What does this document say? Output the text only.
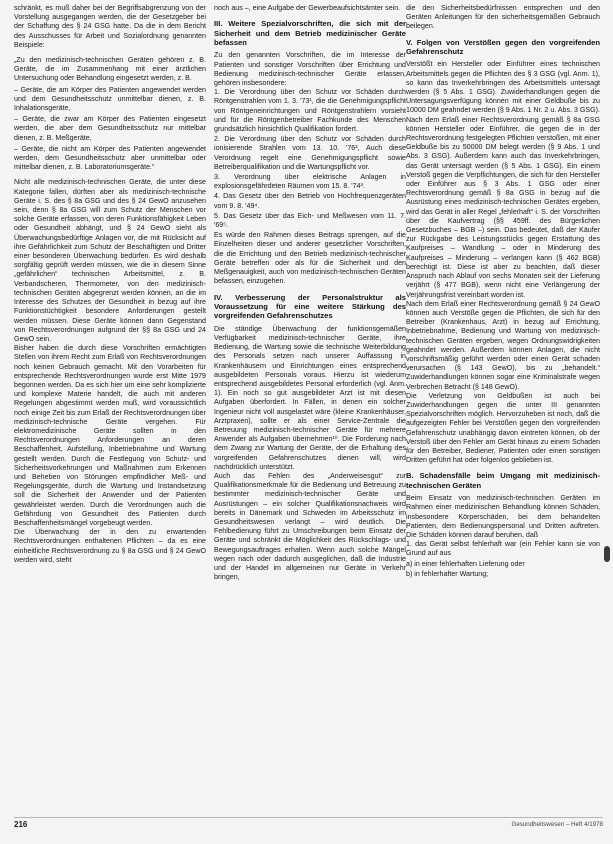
schränkt, es muß daher bei der Begriffsabgrenzung von der Vorstellung ausgegangen werden, die der Gesetzgeber bei der Schaffung des § 24 GSG hatte. Da die in dem Bericht des Ausschusses für Arbeit und Sozialordnung genannten Beispiele:

„Zu den medizinisch-technischen Geräten gehören z. B. Geräte, die im Zusammenhang mit einer ärztlichen Untersuchung oder Behandlung eingesetzt werden, z. B.

– Geräte, die am Körper des Patienten angewendet werden und dem Gesundheitsschutz unmittelbar dienen, z. B. Inhalationsgeräte,

– Geräte, die zwar am Körper des Patienten eingesetzt werden, die aber dem Gesundheitsschutz nur mittelbar dienen, z. B. Meßgeräte,

– Geräte, die nicht am Körper des Patienten angewendet werden, dem Gesundheitsschutz aber unmittelbar oder mittelbar dienen, z. B. Laboratoriumsgeräte.“

Nicht alle medizinisch-technischen Geräte, die unter diese Kategorie fallen, dürften aber als medizinisch-technische Geräte i. S. des § 8a GSG und des § 24 GewO anzusehen sein, denn § 8a GSG will zum Schutz der Menschen vor solche Geräte erfassen, von deren Funktionsfähigkeit Leben oder Gesundheit abhängt, und § 24 GewO sieht als Überwachungsbedürftige Anlagen vor, die mit Rücksicht auf ihre Gefährlichkeit zum Schutz der Beschäftigten und Dritter einer besonderen Überwachung bedürfen. Es wird deshalb sorgfältig geprüft werden müssen, wie die in diesem Sinne „gefährlichen“ technischen Arbeitsmittel, z. B. Verbandscheren, Thermometer, von den medizinisch-technischen Geräten abgegrenzt werden können, an die im Interesse des Schutzes der Gesundheit in bezug auf ihre Funktionstüchtigkeit besondere Anforderungen gestellt werden müssen. Diese Geräte können dann Gegenstand von Rechtsverordnungen aufgrund der §§ 8a GSG und 24 GewO sein.

Bisher haben die durch diese Vorschriften ermächtigten Stellen von ihrem Recht zum Erlaß von Rechtsverordnungen noch keinen Gebrauch gemacht. Mit den Vorarbeiten für entsprechende Rechtsverordnungen wurde erst Mitte 1979 begonnen werden. Da es sich hier um eine sehr komplizierte und komplexe Materie handelt, die auch mit anderen Regelungen abgestimmt werden muß, wird voraussichtlich noch einige Zeit bis zum Erlaß der Rechtsverordnungen über medizinisch-technische Geräte vergehen. Für elektromedizinische Geräte sollten in den Rechtsverordnungen Anforderungen an deren Beschaffenheit, Aufstellung, Inbetriebnahme und Wartung gestellt werden. Durch die Festlegung von Schutz- und Sicherheitsvorkehrungen und Maßnahmen zum Erkennen und Beheben von Störungen empfindlicher Meß- und Regelungsgeräte, durch die Wartung und Instandsetzung soll die Sicherheit der Anwender und der Patienten gewährleistet werden. Durch die Verordnungen auch die Gefährdung von Gesundheit des Patienten durch Beschaffenheitsmängel vorgebeugt werden.

Die Überwachung der in den zu erwartenden Rechtsverordnungen enthaltenen Pflichten – da es eine einheitliche Rechtsverordnung zu § 8a GSG und § 24 GewO werden wird, steht

noch aus –, eine Aufgabe der Gewerbeaufsichtsämter sein.

III. Weitere Spezialvorschriften, die sich mit der Sicherheit und dem Betrieb medizinischer Geräte befassen

Zu den genannten Vorschriften, die im Interesse der Patienten und sonstiger Vorschriften über Errichtung und Bedienung medizinisch-technischer Geräte erlassen, gehören insbesondere:

1. Die Verordnung über den Schutz vor Schäden durch Röntgenstrahlen vom 1. 3. '73¹, die die Genehmigungspflicht von Röntgeneinrichtungen und Röntgenstrahlern vorsieht und für die Röntgenbetreiber Fachkunde des Menschen grundsätzlich hinsichtlich Qualifikation fordert.
2. Die Verordnung über den Schutz vor Schäden durch ionisierende Strahlen vom 13. 10. '76², Auch diese Verordnung regelt eine Genehmigungspflicht sowie Betreiberqualifikation und die Wartungspflicht vor.
3. Verordnung über elektrische Anlagen in explosionsgefährdeten Räumen vom 15. 8. '74³.
4. Das Gesetz über den Betrieb von Hochfrequenzgeräten vom 9. 8. '49⁴.
5. Das Gesetz über das Eich- und Meßwesen vom 11. 7. '69⁵.

Es würde den Rahmen dieses Beitrags sprengen, auf die Einzelheiten dieser und anderer gesetzlicher Vorschriften, die die Errichtung und den Betrieb medizinisch-technischer Geräte betreffen oder als für die Sicherheit und den Meßgenauigkeit, auch von medizinisch-technischen Geräten befassen, einzugehen.

IV. Verbesserung der Personalstruktur als Voraussetzung für eine weitere Stärkung des vorgreifenden Gefahrenschutzes

Die ständige Überwachung der funktionsgemäßen Verfügbarkeit medizinisch-technischer Geräte, ihre Bedienung, die Wartung sowie die technische Weiterbildung des Personals setzen nach unserer Auffassung in Krankenhäusern und Einrichtungen eines entsprechend ausgebildeten Personals voraus. Hierzu ist wiederum entsprechend ausgebildetes Personal erforderlich (vgl. Anm. 1). Ein noch so gut ausgebildeter Arzt ist mit diesen Aufgaben überfordert. In Fällen, in denen ein solcher Ingenieur nicht voll ausgelastet wäre (kleine Krankenhäuser, Arztpraxen), sollte er als einer Service-Zentrale die Betreuung medizinisch-technischer Geräte für mehrere Anwender als Aufgaben übernehmen¹⁰. Die Forderung nach dem Zwang zur Wartung der Geräte, der die Erhaltung des vorgreifenden Gefahrenschutzes dienen will, wird nachdrücklich unterstützt.

Auch das Fehlen des „Anderweisesgut“ zur Qualifikationsmerkmale für die Bedienung und Betreuung zu bestimmter medizinisch-technischer Geräte und Ausrüstungen – ein solcher Qualifikationsnachweis wird bereits in Dänemark und Schweden im Arbeitsschutz im Gesundheitswesen verlangt – wird deutlich. Die Fehlbedienung führt zu Umschreibungen beim Einsatz der Geräte und schränkt die Möglichkeit des Rückschlags- und Bewegungsauftrages erhalten. Wenn auch solche Mängel wegen nach oder dadurch ausgeglichen, daß die Industrie und der Handel im allgemeinen nur Geräte in Verkehr bringen,

die den Sicherheitsbedürfnissen entsprechen und den Geräten Anleitungen für den sicherheitsgemäßen Gebrauch beilegen.

V. Folgen von Verstößen gegen den vorgreifenden Gefahrenschutz

Verstößt ein Hersteller oder Einführer eines technischen Arbeitsmittels gegen die Pflichten des § 3 GSG (vgl. Anm. 1), so kann das Inverkehrbringen des Arbeitsmittels untersagt werden (§ 5 Abs. 1 GSG). Zuwiderhandlungen gegen die Untersagungsverfügung können mit einer Geldbuße bis zu 10000 DM geahndet werden (§ 9 Abs. 1 Nr. 2 u. Abs. 3 GSG). Nach dem Erlaß einer Rechtsverordnung gemäß § 8a GSG können Hersteller oder Einführer, die gegen die in der Rechtsverordnung festgelegten Pflichten verstoßen, mit einer Geldbuße bis zu 50000 DM belegt werden (§ 9 Abs. 1 und Abs. 3 GSG). Außerdem kann auch das Inverkehrbringen, das Gerät untersagt werden (§ 5 Abs. 1 GSG). Ein einem Verstoß gegen die Verpflichtungen, die sich für den Hersteller oder Einführer aus § 3 Abs. 1 GSG oder einer Rechtsverordnung gemäß § 8a GSG in bezug auf die Ausrüstung eines medizinisch-technischen Gerätes ergeben, wird das Gerät in aller Regel „fehlerhaft“ i. S. der Vorschriften über die Kaufvertrag (§§ 459ff. des Bürgerlichen Gesetzbuches – BGB –) sein. Das bedeutet, daß der Käufer zur Rückgabe des Leistungsstücks gegen Erstattung des Kaufpreises – Wandlung – oder in Minderung des Kaufpreises – Minderung – verlangen kann (§ 462 BGB) berechtigt ist. Diese ist aber zu beachten, daß dieser Anspruch nach Ablauf von sechs Monaten seit der Lieferung verjährt (§ 477 BGB), wenn nicht eine Verlängerung der Verjährungsfrist vereinbart worden ist.

Nach dem Erlaß einer Rechtsverordnung gemäß § 24 GewO können auch Verstöße gegen die Pflichten, die sich für den Betreiber (Krankenhaus, Arzt) in bezug auf Errichtung, Inbetriebnahme, Bedienung und Wartung von medizinisch-technischen Geräten ergeben, wegen Ordnungswidrigkeiten geahndet werden. Außerdem können Anlagen, die nicht vorschriftsmäßig geführt werden oder einen Gerät schaden verursachen (§ 143 GewO), bis zu „behandelt.“ Zuwiderhandlungen können sogar eine Kriminalstrafe wegen Verbrechen Betracht (§ 148 GewO).

Die Verletzung von Geldbußen ist auch bei Zuwiderhandlungen gegen die unter III genannten Spezialvorschriften möglich. Hervorzuheben ist noch, daß die aufgezeigten Fehler bei Verstößen gegen den vorgreifenden Gefahrenschutz unabhängig davon eintreten können, ob der Verstoß über den Fehler am Gerät hinaus zu einem Schaden für den Betreiber, Bediener, Patienten oder einen sonstigen Dritten geführt hat oder folgenlos geblieben ist.

B. Schadensfälle beim Umgang mit medizinisch-technischen Geräten

Beim Einsatz von medizinisch-technischen Geräten im Rahmen einer medizinischen Behandlung können Schäden, insbesondere Körperschäden, bei dem behandelten Patienten, dem Bedienungspersonal und Dritten auftreten. Die Schäden können darauf beruhen, daß

1. das Gerät selbst fehlerhaft war (ein Fehler kann sie von Grund auf aus
a) in einer fehlerhaften Lieferung oder
b) in fehlerhafter Wartung;
216	Gesundheitswesen – Heft 4/1978
